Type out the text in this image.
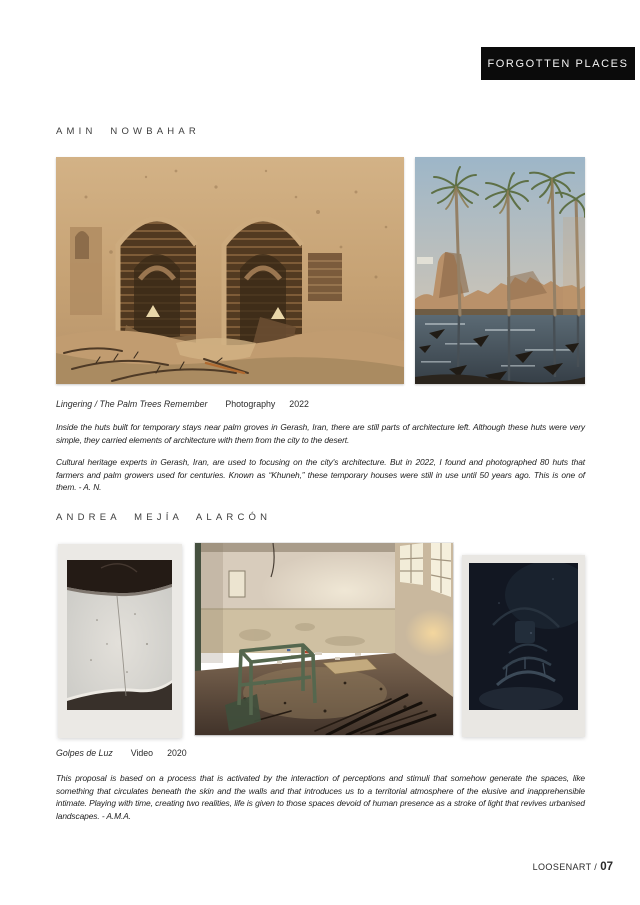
FORGOTTEN PLACES
AMIN NOWBAHAR
Lingering / The Palm Trees Remember Photography 2022

Inside the huts built for temporary stays near palm groves in Gerash, Iran, there are still parts of architecture left. Although these huts were very simple, they carried elements of architecture with them from the city to the desert.

Cultural heritage experts in Gerash, Iran, are used to focusing on the city's architecture. But in 2022, I found and photographed 80 huts that farmers and palm growers used for centuries. Known as “Khuneh,” these temporary houses were still in use until 50 years ago. This is one of them. - A. N.

ANDREA MEJÍA ALARCÓN
Golpes de Luz Video 2020

This proposal is based on a process that is activated by the interaction of perceptions and stimuli that somehow generate the spaces, like something that circulates beneath the skin and the walls and that introduces us to a territorial atmosphere of the elusive and inapprehensible intimate. Playing with time, creating two realities, life is given to those spaces devoid of human presence as a stroke of light that revives urbanised landscapes. - A.M.A.

LOOSENART / 07
